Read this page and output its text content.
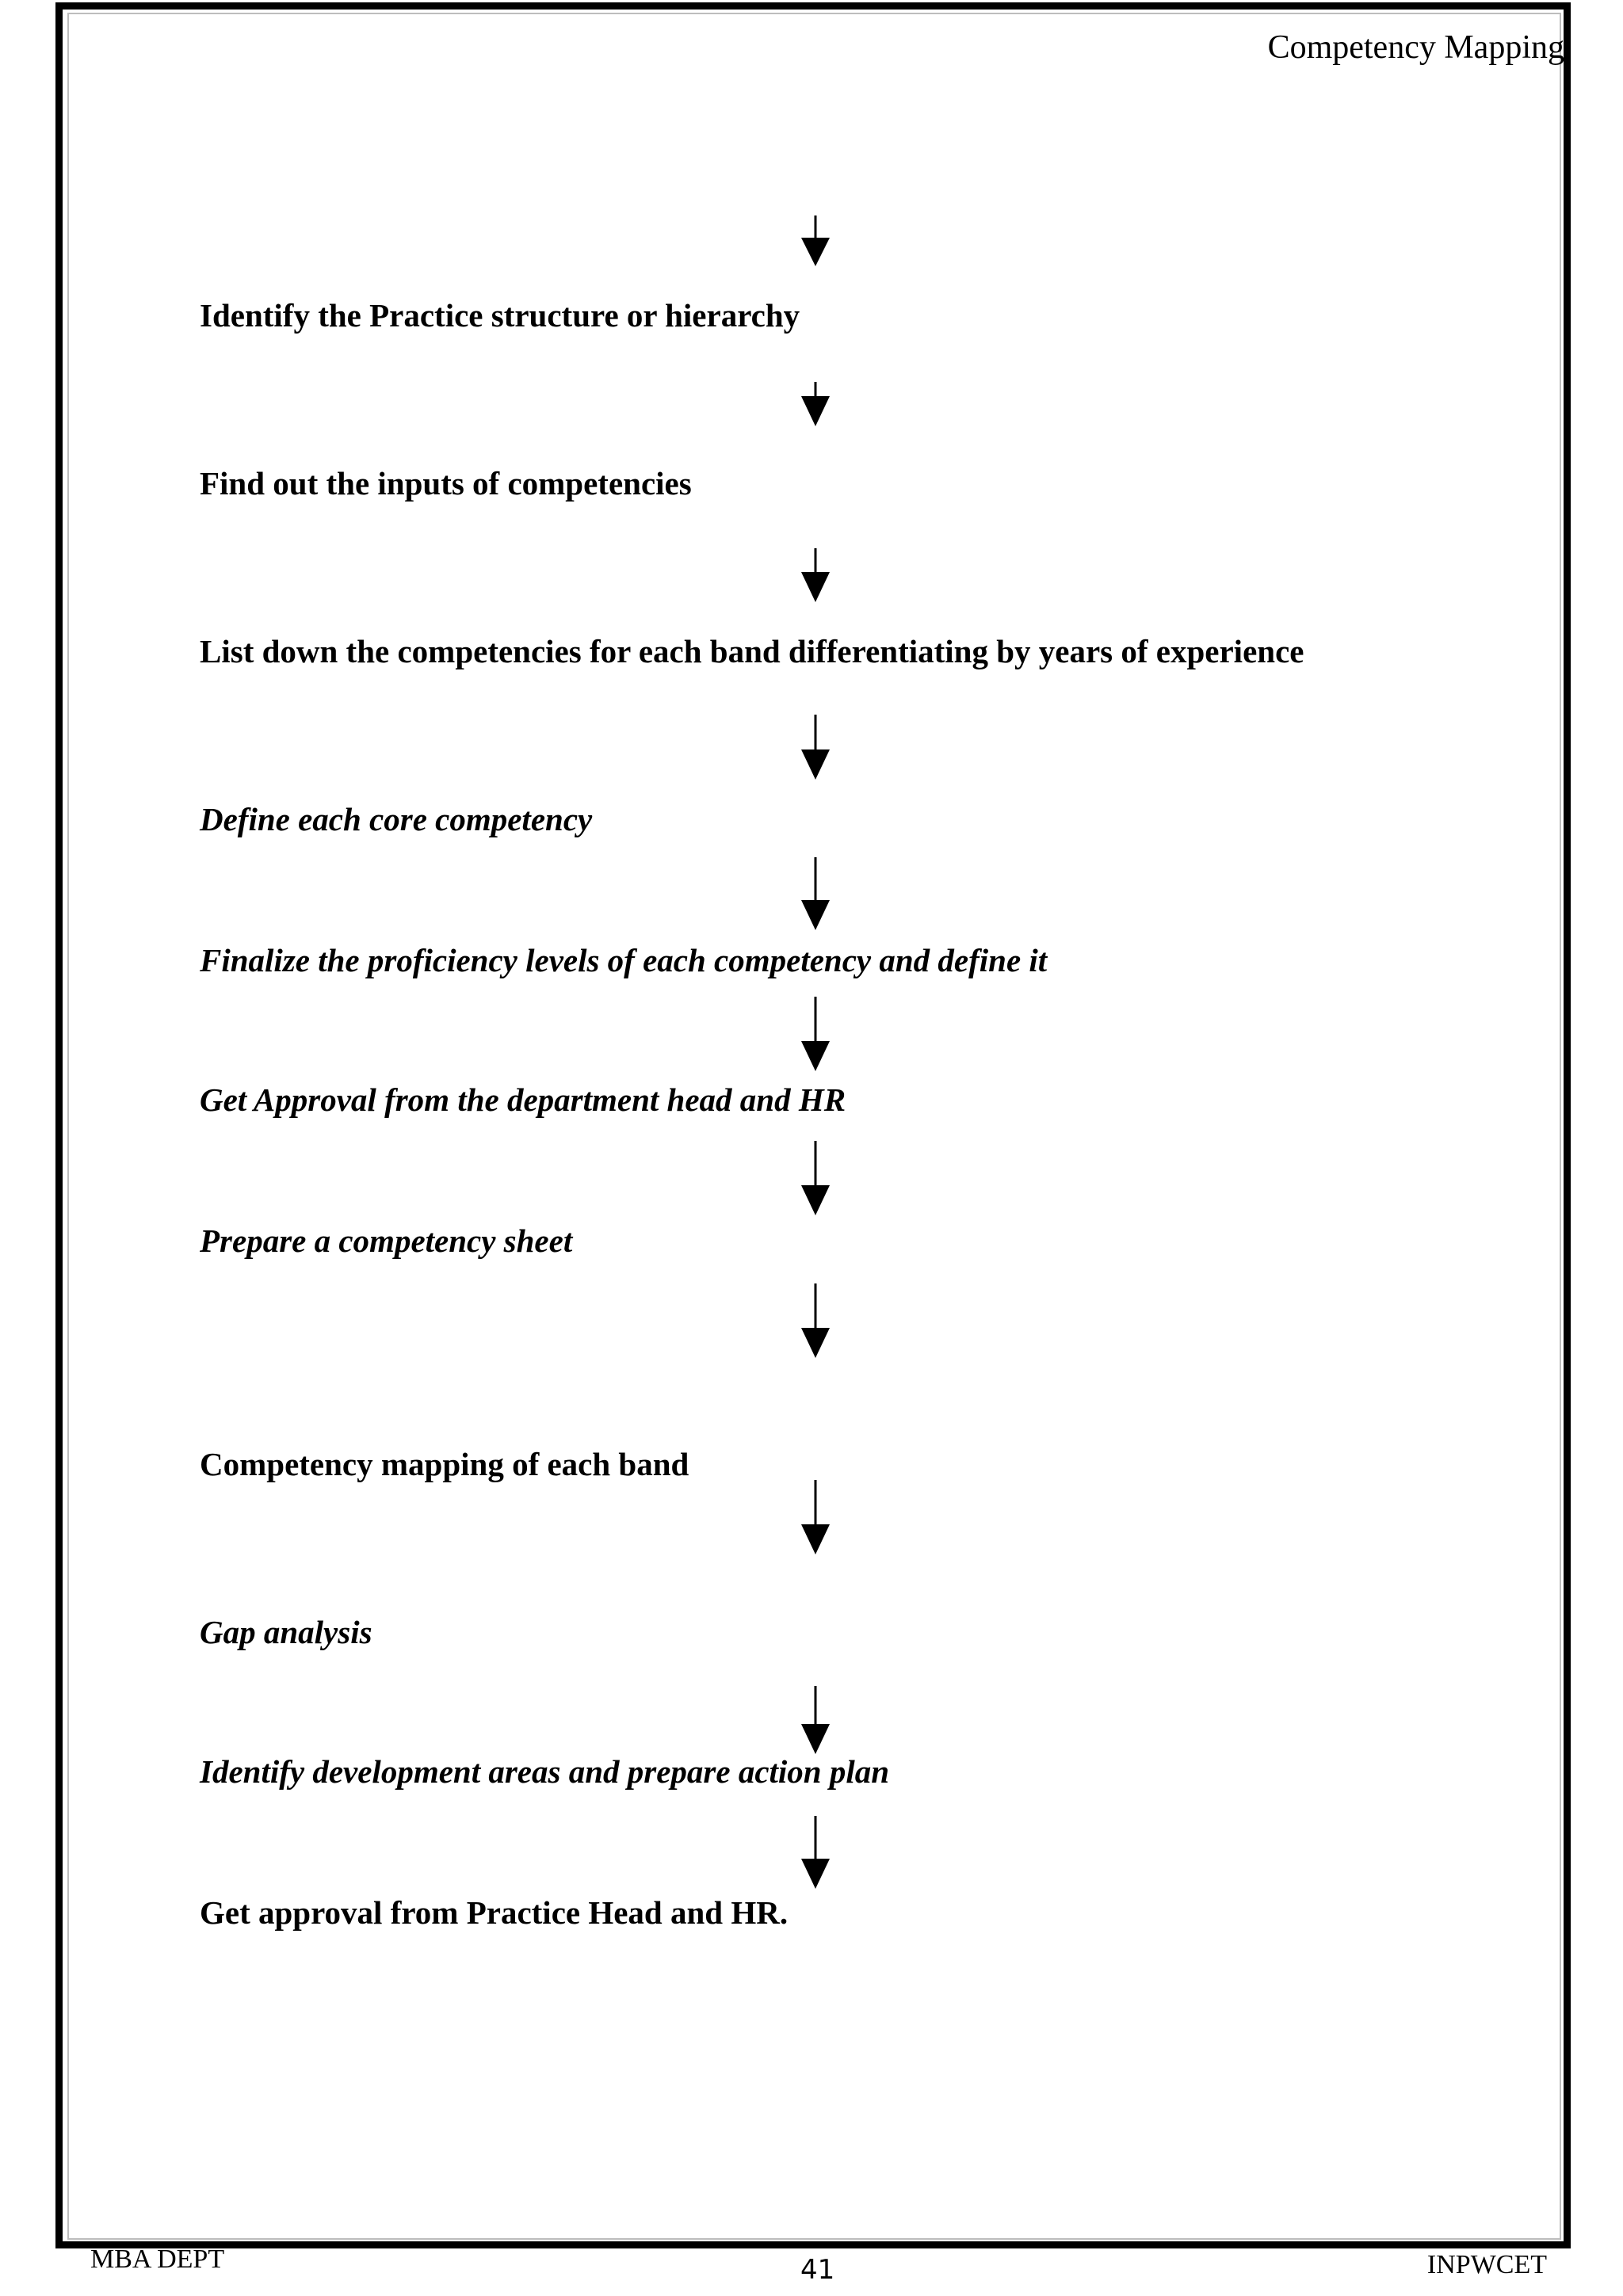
Competency Mapping
Identify the Practice structure or hierarchy
Find out the inputs of competencies
List down the competencies for each band differentiating by years of experience
Define each core competency
Finalize the proficiency levels of each competency and define it
Get Approval from the department head and HR
Prepare a competency sheet
Competency mapping of each band
Gap analysis
Identify development areas and prepare action plan
Get approval from Practice Head and HR.
MBA DEPT	41	INPWCET
